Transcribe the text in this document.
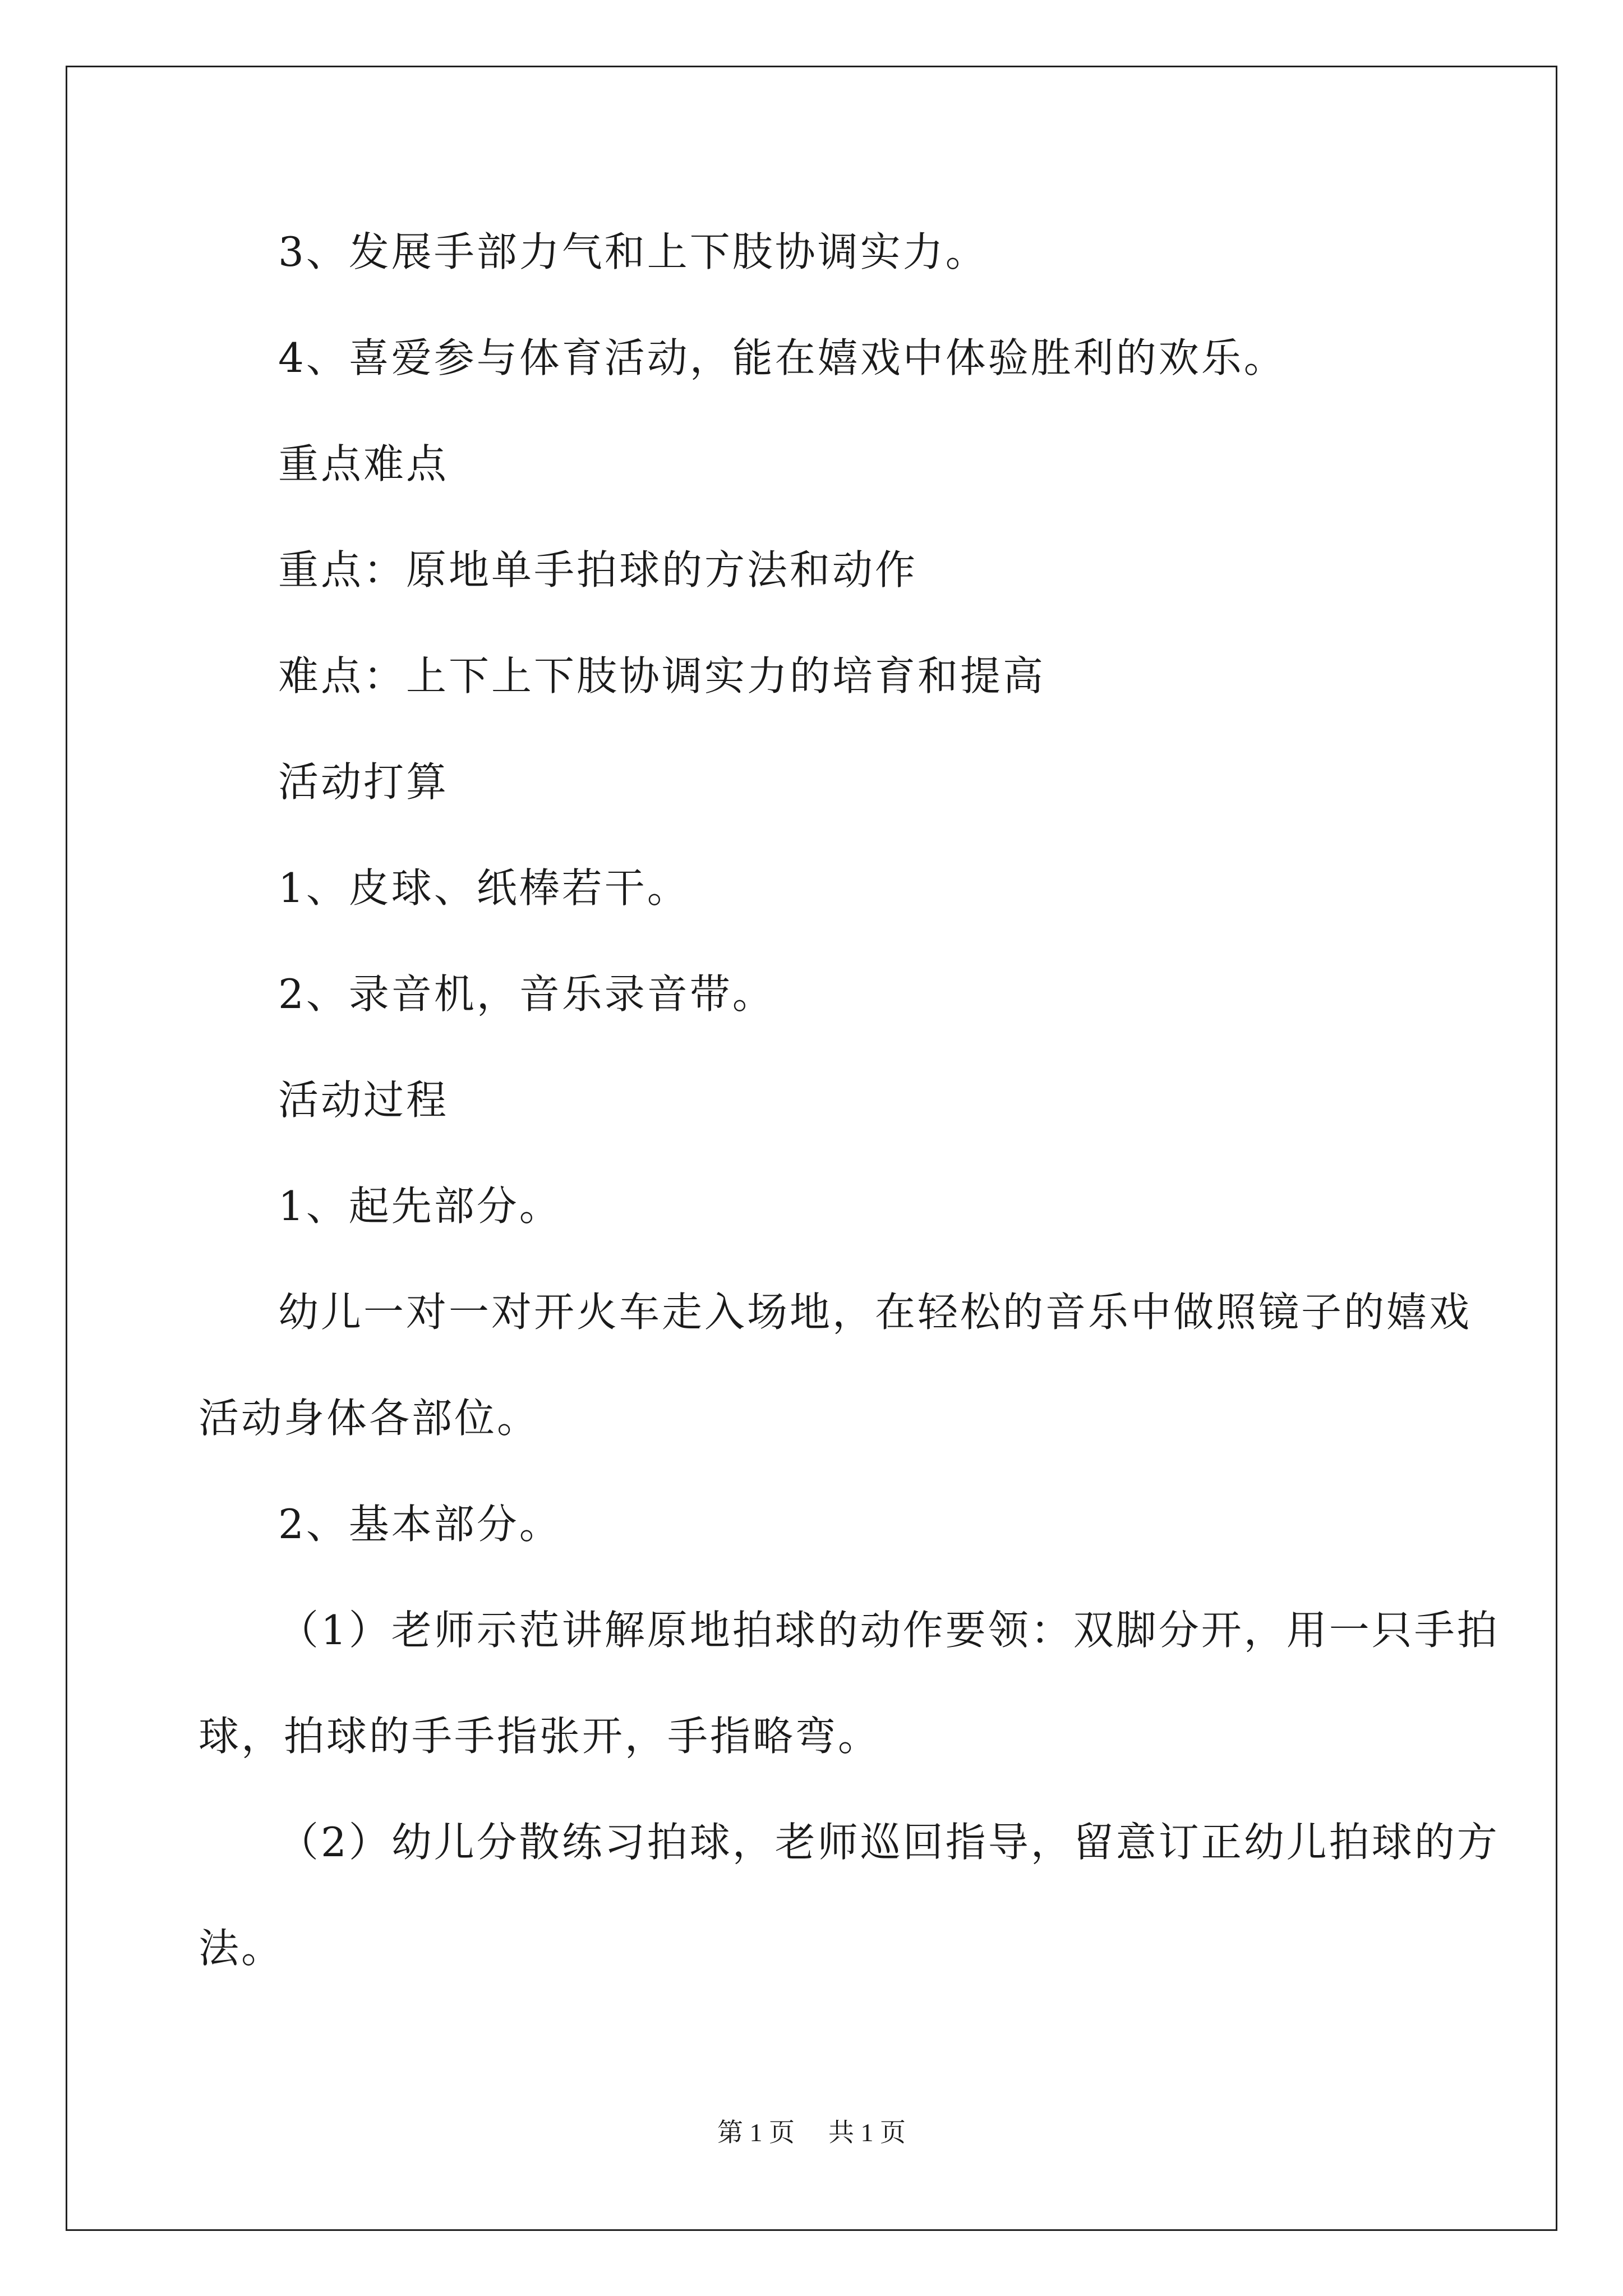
3、发展手部力气和上下肢协调实力。
4、喜爱参与体育活动，能在嬉戏中体验胜利的欢乐。
重点难点
重点：原地单手拍球的方法和动作
难点：上下上下肢协调实力的培育和提高
活动打算
1、皮球、纸棒若干。
2、录音机，音乐录音带。
活动过程
1、起先部分。
幼儿一对一对开火车走入场地，在轻松的音乐中做照镜子的嬉戏
活动身体各部位。
2、基本部分。
（1）老师示范讲解原地拍球的动作要领：双脚分开，用一只手拍
球，拍球的手手指张开，手指略弯。
（2）幼儿分散练习拍球，老师巡回指导，留意订正幼儿拍球的方
法。
第 1 页 共 1 页
